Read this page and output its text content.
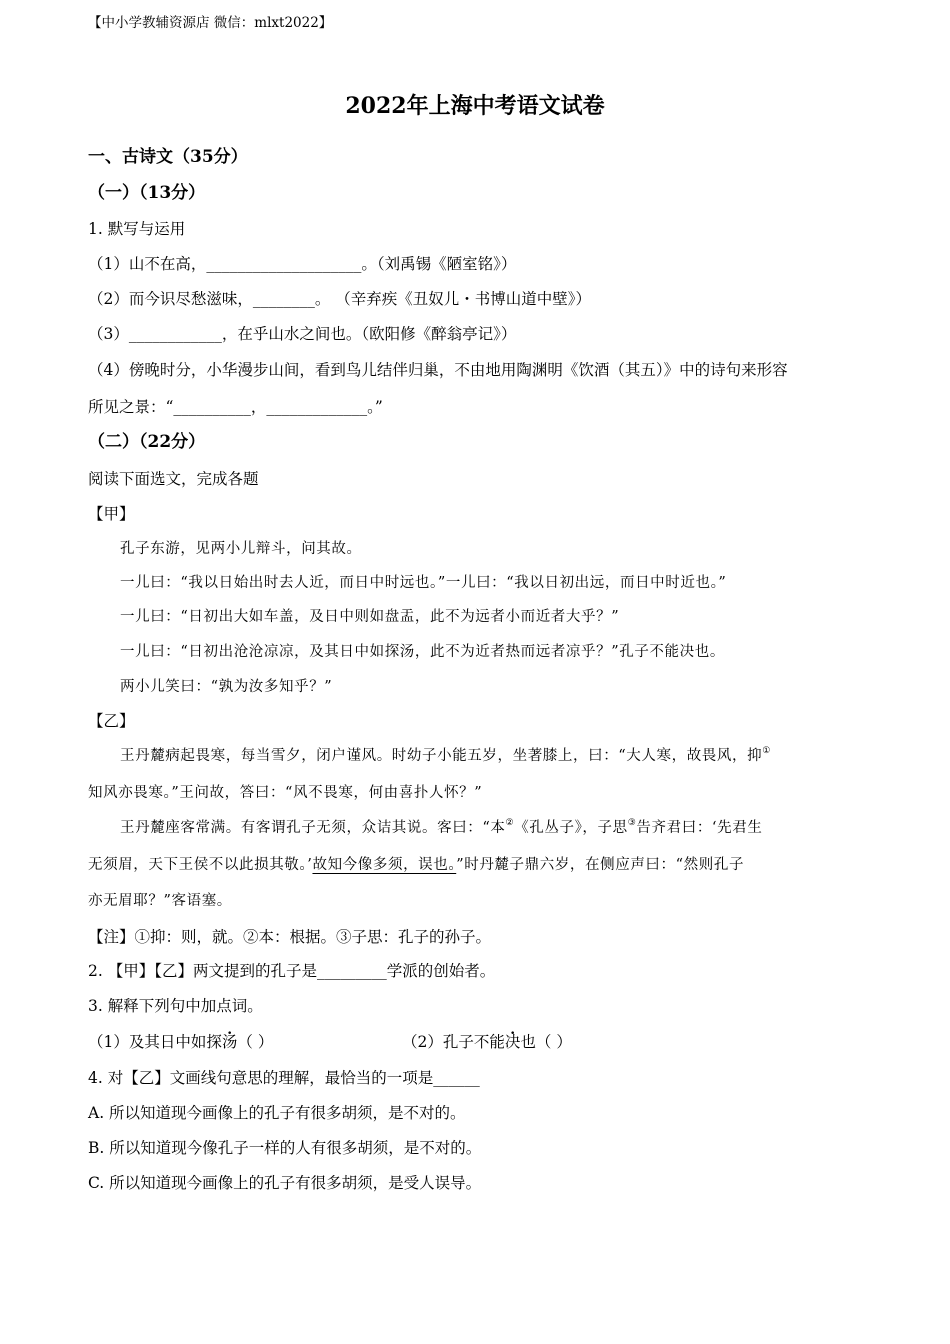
【中小学教辅资源店 微信：mlxt2022】
2022年上海中考语文试卷
一、古诗文（35分）
（一）（13分）
1. 默写与运用
（1）山不在高，____________________。（刘禹锡《陋室铭》）
（2）而今识尽愁滋味，________。 （辛弃疾《丑奴儿・书博山道中壁》）
（3）____________，在乎山水之间也。（欧阳修《醉翁亭记》）
（4）傍晚时分，小华漫步山间，看到鸟儿结伴归巢，不由地用陶渊明《饮酒（其五）》中的诗句来形容
所见之景：“__________，_____________。”
（二）（22分）
阅读下面选文，完成各题
【甲】
孔子东游，见两小儿辩斗，问其故。
一儿曰：“我以日始出时去人近，而日中时远也。”一儿曰：“我以日初出远，而日中时近也。”
一儿曰：“日初出大如车盖，及日中则如盘盂，此不为远者小而近者大乎？”
一儿曰：“日初出沧沧凉凉，及其日中如探汤，此不为近者热而远者凉乎？”孔子不能决也。
两小儿笑曰：“孰为汝多知乎？”
【乙】
王丹麓病起畏寒，每当雪夕，闭户谨风。时幼子小能五岁，坐著膝上，曰：“大人寒，故畏风，抑①
知风亦畏寒。”王问故，答曰：“风不畏寒，何由喜扑人怀？”
王丹麓座客常满。有客谓孔子无须，众诘其说。客曰：“本②《孔丛子》，子思③告齐君曰：‘先君生
无须眉，天下王侯不以此损其敬。’故知今像多须，误也。”时丹麓子鼎六岁，在侧应声曰：“然则孔子
亦无眉耶？”客语塞。
【注】①抑：则，就。②本：根据。③子思：孔子的孙子。
2. 【甲】【乙】两文提到的孔子是_________学派的创始者。
3. 解释下列句中加点词。
（1）及其日中如探汤（ ）	（2）孔子不能决也（ ）
4. 对【乙】文画线句意思的理解，最恰当的一项是______
A. 所以知道现今画像上的孔子有很多胡须，是不对的。
B. 所以知道现今像孔子一样的人有很多胡须，是不对的。
C. 所以知道现今画像上的孔子有很多胡须，是受人误导。
